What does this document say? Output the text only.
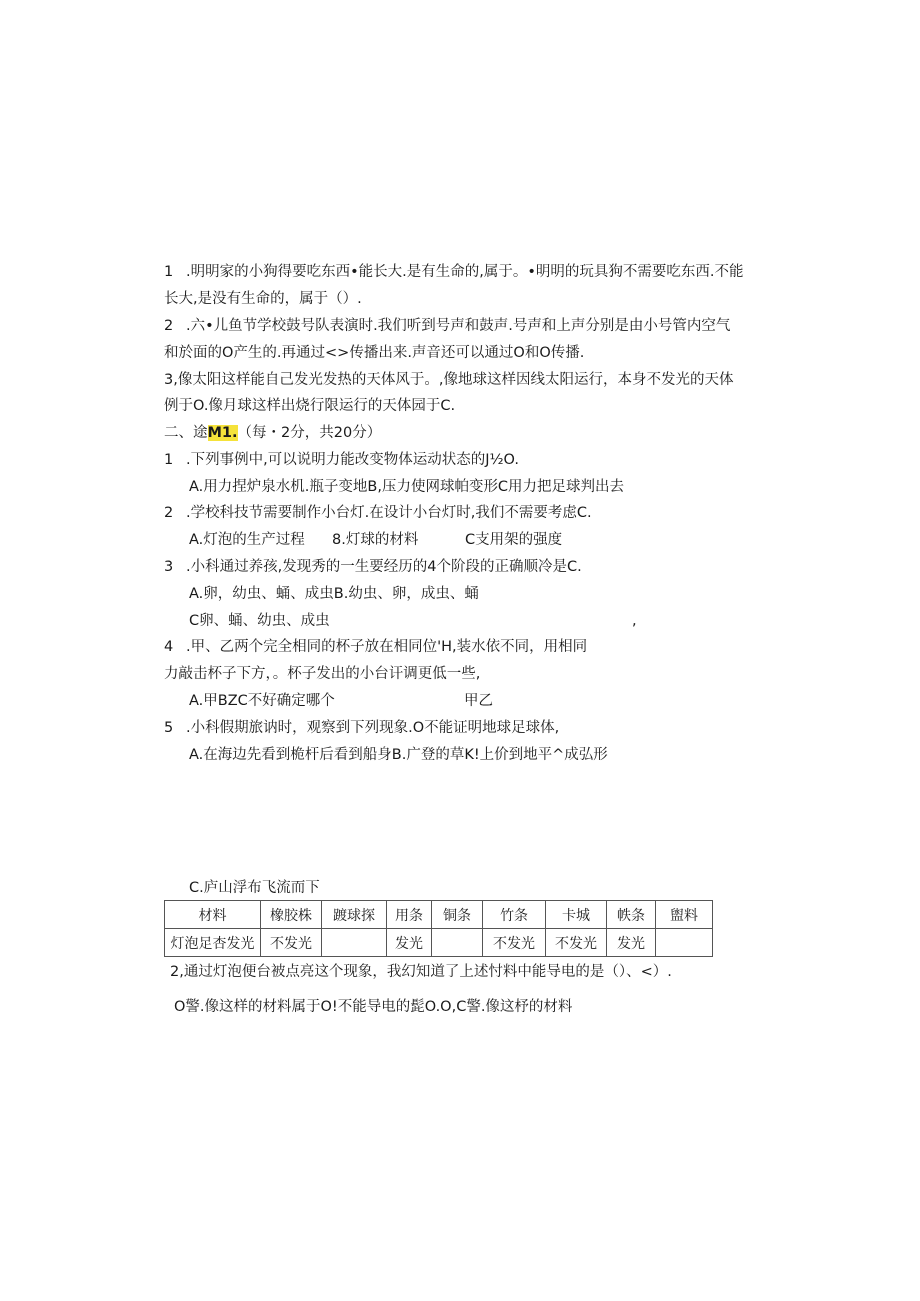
1 .明明家的小狗得要吃东西•能长大.是有生命的,属于。•明明的玩具狗不需要吃东西.不能
长大,是没有生命的，属于（）.
2 .六•儿鱼节学校鼓号队表演时.我们听到号声和鼓声.号声和上声分别是由小号管内空气
和於面的O产生的.再通过<>传播出来.声音还可以通过O和O传播.
3,像太阳这样能自己发光发热的天体风于。,像地球这样因线太阳运行，本身不发光的天体
例于O.像月球这样出烧行限运行的天体园于C.
二、途M1.（每・2分，共20分）
1 .下列事例中,可以说明力能改变物体运动状态的J½O.
A.用力捏炉泉水机.瓶子变地B,压力使网球帕变形C用力把足球判出去
2 .学校科技节需要制作小台灯.在设计小台灯时,我们不需要考虑C.
A.灯泡的生产过程 8.灯球的材料	C支用架的强度
3 .小科通过养孩,发现秀的一生要经历的4个阶段的正确顺冷是C.
A.卵，幼虫、蛹、成虫B.幼虫、卵，成虫、蛹
C卵、蛹、幼虫、成虫	,
4 .甲、乙两个完全相同的杯子放在相同位'H,装水依不同，用相同
力敲击杯子下方，。杯子发出的小台讦调更低一些,
A.甲BZC不好确定哪个	甲乙
5 .小科假期旅讷时，观察到下列现象.O不能证明地球足球体,
A.在海边先看到桅杆后看到船身B.广登的草K!上价到地平^成弘形
C.庐山浮布飞流而下
材料	橡胶株	踱球探	用条	铜条	竹条	卡城	帙条	盥料
灯泡足杏发光	不发光		发光		不发光	不发光	发光	
2,通过灯泡便台被点亮这个现象，我幻知道了上述忖料中能导电的是（）、<）.
O警.像这样的材料属于O!不能导电的髭O.O,C警.像这杼的材料
